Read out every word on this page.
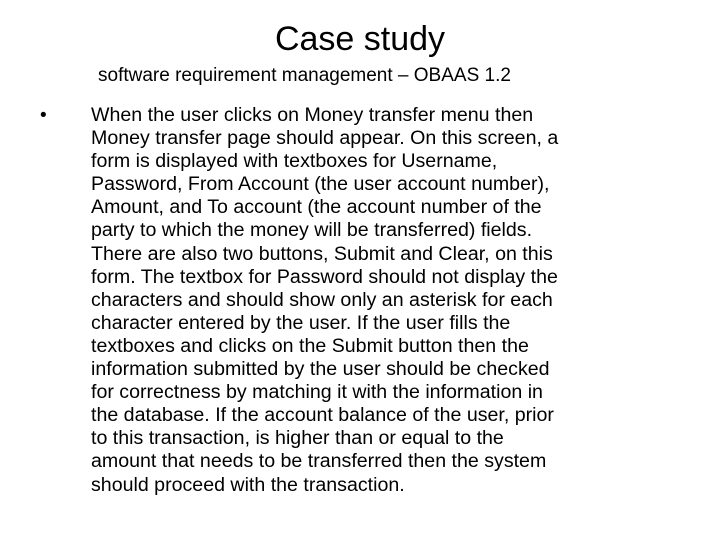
Case study

software requirement management – OBAAS 1.2

• When the user clicks on Money transfer menu then
Money transfer page should appear. On this screen, a
form is displayed with textboxes for Username,
Password, From Account (the user account number),
Amount, and To account (the account number of the
party to which the money will be transferred) fields.
There are also two buttons, Submit and Clear, on this
form. The textbox for Password should not display the
characters and should show only an asterisk for each
character entered by the user. If the user fills the
textboxes and clicks on the Submit button then the
information submitted by the user should be checked
for correctness by matching it with the information in
the database. If the account balance of the user, prior
to this transaction, is higher than or equal to the
amount that needs to be transferred then the system
should proceed with the transaction.
